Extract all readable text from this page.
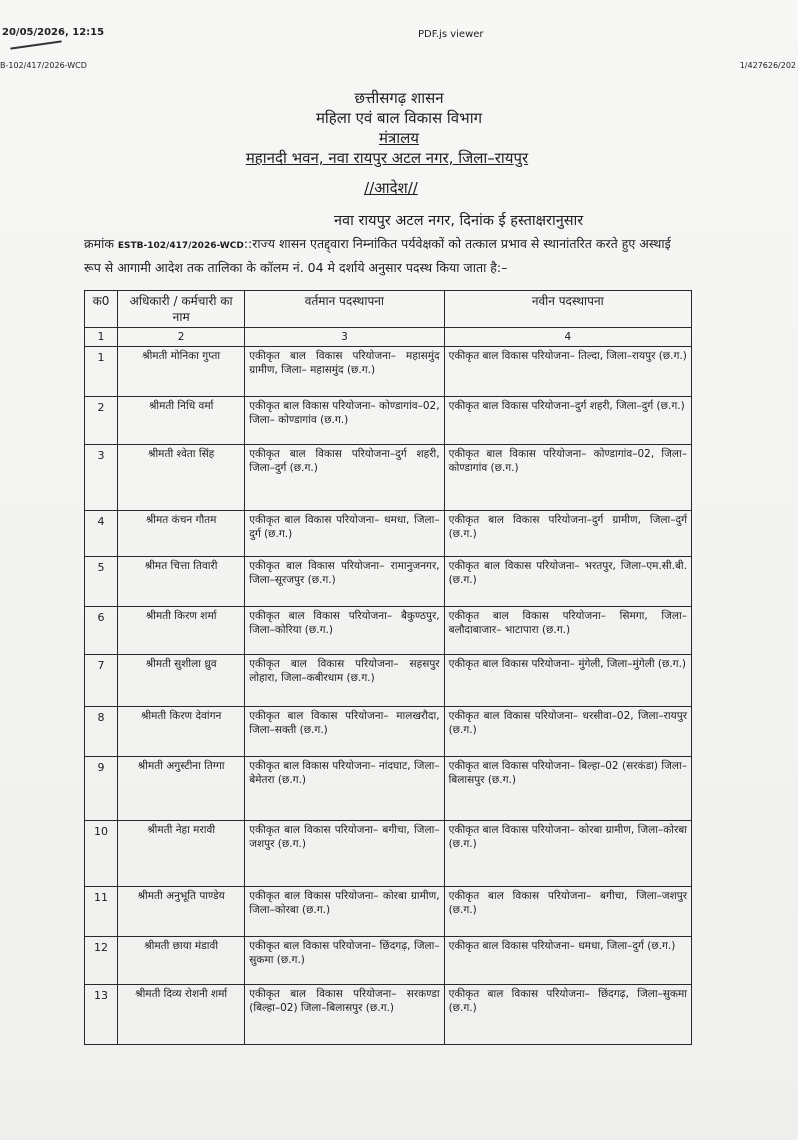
20/05/2026, 12:15	PDF.js viewer
B-102/417/2026-WCD	1/427626/202
छत्तीसगढ़ शासन
महिला एवं बाल विकास विभाग
मंत्रालय
महानदी भवन, नवा रायपुर अटल नगर, जिला–रायपुर
//आदेश//
नवा रायपुर अटल नगर, दिनांक ई हस्ताक्षरानुसार
क्रमांक ESTB-102/417/2026-WCD::राज्य शासन एतद्द्वारा निम्नांकित पर्यवेक्षकों को तत्काल प्रभाव से स्थानांतरित करते हुए अस्थाई रूप से आगामी आदेश तक तालिका के कॉलम नं. 04 मे दर्शाये अनुसार पदस्थ किया जाता है:–
क0	अधिकारी / कर्मचारी का नाम	वर्तमान पदस्थापना	नवीन पदस्थापना
1	2	3	4
1	श्रीमती मोनिका गुप्ता	एकीकृत बाल विकास परियोजना– महासमुंद ग्रामीण, जिला– महासमुंद (छ.ग.)	एकीकृत बाल विकास परियोजना– तिल्दा, जिला–रायपुर (छ.ग.)
2	श्रीमती निधि वर्मा	एकीकृत बाल विकास परियोजना– कोण्डागांव–02, जिला– कोण्डागांव (छ.ग.)	एकीकृत बाल विकास परियोजना–दुर्ग शहरी, जिला–दुर्ग (छ.ग.)
3	श्रीमती श्वेता सिंह	एकीकृत बाल विकास परियोजना–दुर्ग शहरी, जिला–दुर्ग (छ.ग.)	एकीकृत बाल विकास परियोजना– कोण्डागांव–02, जिला– कोण्डागांव (छ.ग.)
4	श्रीमत कंचन गौतम	एकीकृत बाल विकास परियोजना– धमधा, जिला–दुर्ग (छ.ग.)	एकीकृत बाल विकास परियोजना–दुर्ग ग्रामीण, जिला–दुर्ग (छ.ग.)
5	श्रीमत चित्ता तिवारी	एकीकृत बाल विकास परियोजना– रामानुजनगर, जिला–सूरजपुर (छ.ग.)	एकीकृत बाल विकास परियोजना– भरतपुर, जिला–एम.सी.बी. (छ.ग.)
6	श्रीमती किरण शर्मा	एकीकृत बाल विकास परियोजना– बैकुण्ठपुर, जिला–कोरिया (छ.ग.)	एकीकृत बाल विकास परियोजना– सिमगा, जिला– बलौदाबाजार– भाटापारा (छ.ग.)
7	श्रीमती सुशीला ध्रुव	एकीकृत बाल विकास परियोजना– सहसपुर लोहारा, जिला–कबीरधाम (छ.ग.)	एकीकृत बाल विकास परियोजना– मुंगेली, जिला–मुंगेली (छ.ग.)
8	श्रीमती किरण देवांगन	एकीकृत बाल विकास परियोजना– मालखरौदा, जिला–सक्ती (छ.ग.)	एकीकृत बाल विकास परियोजना– धरसीवा–02, जिला–रायपुर (छ.ग.)
9	श्रीमती अगुस्टीना तिग्गा	एकीकृत बाल विकास परियोजना– नांदघाट, जिला–बेमेतरा (छ.ग.)	एकीकृत बाल विकास परियोजना– बिल्हा–02 (सरकंडा) जिला–बिलासपुर (छ.ग.)
10	श्रीमती नेहा मरावी	एकीकृत बाल विकास परियोजना– बगीचा, जिला–जशपुर (छ.ग.)	एकीकृत बाल विकास परियोजना– कोरबा ग्रामीण, जिला–कोरबा (छ.ग.)
11	श्रीमती अनुभूति पाण्डेय	एकीकृत बाल विकास परियोजना– कोरबा ग्रामीण, जिला–कोरबा (छ.ग.)	एकीकृत बाल विकास परियोजना– बगीचा, जिला–जशपुर (छ.ग.)
12	श्रीमती छाया मंडावी	एकीकृत बाल विकास परियोजना– छिंदगढ़, जिला–सुकमा (छ.ग.)	एकीकृत बाल विकास परियोजना– धमधा, जिला–दुर्ग (छ.ग.)
13	श्रीमती दिव्य रोशनी शर्मा	एकीकृत बाल विकास परियोजना– सरकण्डा (बिल्हा–02) जिला–बिलासपुर (छ.ग.)	एकीकृत बाल विकास परियोजना– छिंदगढ़, जिला–सुकमा (छ.ग.)
